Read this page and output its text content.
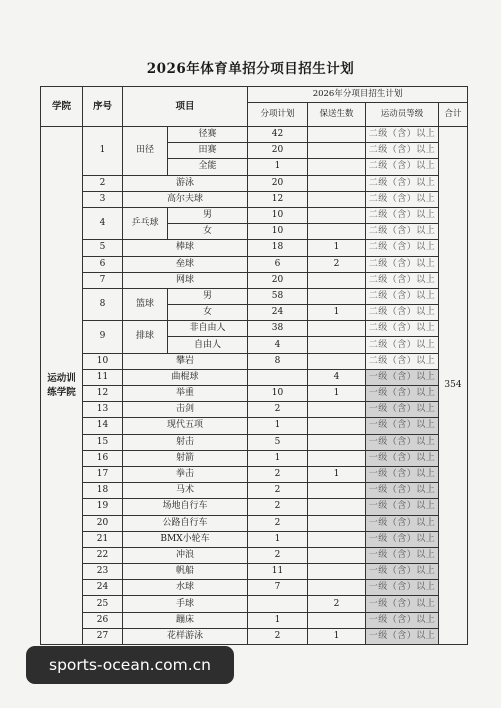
2026年体育单招分项目招生计划
学院	序号	项目		2026年分项目招生计划			
				分项计划	保送生数	运动员等级	合计
运动训练学院	1	田径	径赛	42		二级（含）以上	354
			田赛	20		二级（含）以上	
			全能	1		二级（含）以上	
	2	游泳		20		二级（含）以上	
	3	高尔夫球		12		二级（含）以上	
	4	乒乓球	男	10		二级（含）以上	
			女	10		二级（含）以上	
	5	棒球		18	1	二级（含）以上	
	6	垒球		6	2	二级（含）以上	
	7	网球		20		二级（含）以上	
	8	篮球	男	58		二级（含）以上	
			女	24	1	二级（含）以上	
	9	排球	非自由人	38		二级（含）以上	
			自由人	4		二级（含）以上	
	10	攀岩		8		二级（含）以上	
	11	曲棍球			4	一级（含）以上	
	12	举重		10	1	一级（含）以上	
	13	击剑		2		一级（含）以上	
	14	现代五项		1		一级（含）以上	
	15	射击		5		一级（含）以上	
	16	射箭		1		一级（含）以上	
	17	拳击		2	1	一级（含）以上	
	18	马术		2		一级（含）以上	
	19	场地自行车		2		一级（含）以上	
	20	公路自行车		2		一级（含）以上	
	21	BMX小轮车		1		一级（含）以上	
	22	冲浪		2		一级（含）以上	
	23	帆船		11		一级（含）以上	
	24	水球		7		一级（含）以上	
	25	手球			2	一级（含）以上	
	26	蹦床		1		一级（含）以上	
	27	花样游泳		2	1	一级（含）以上	
sports-ocean.com.cn
